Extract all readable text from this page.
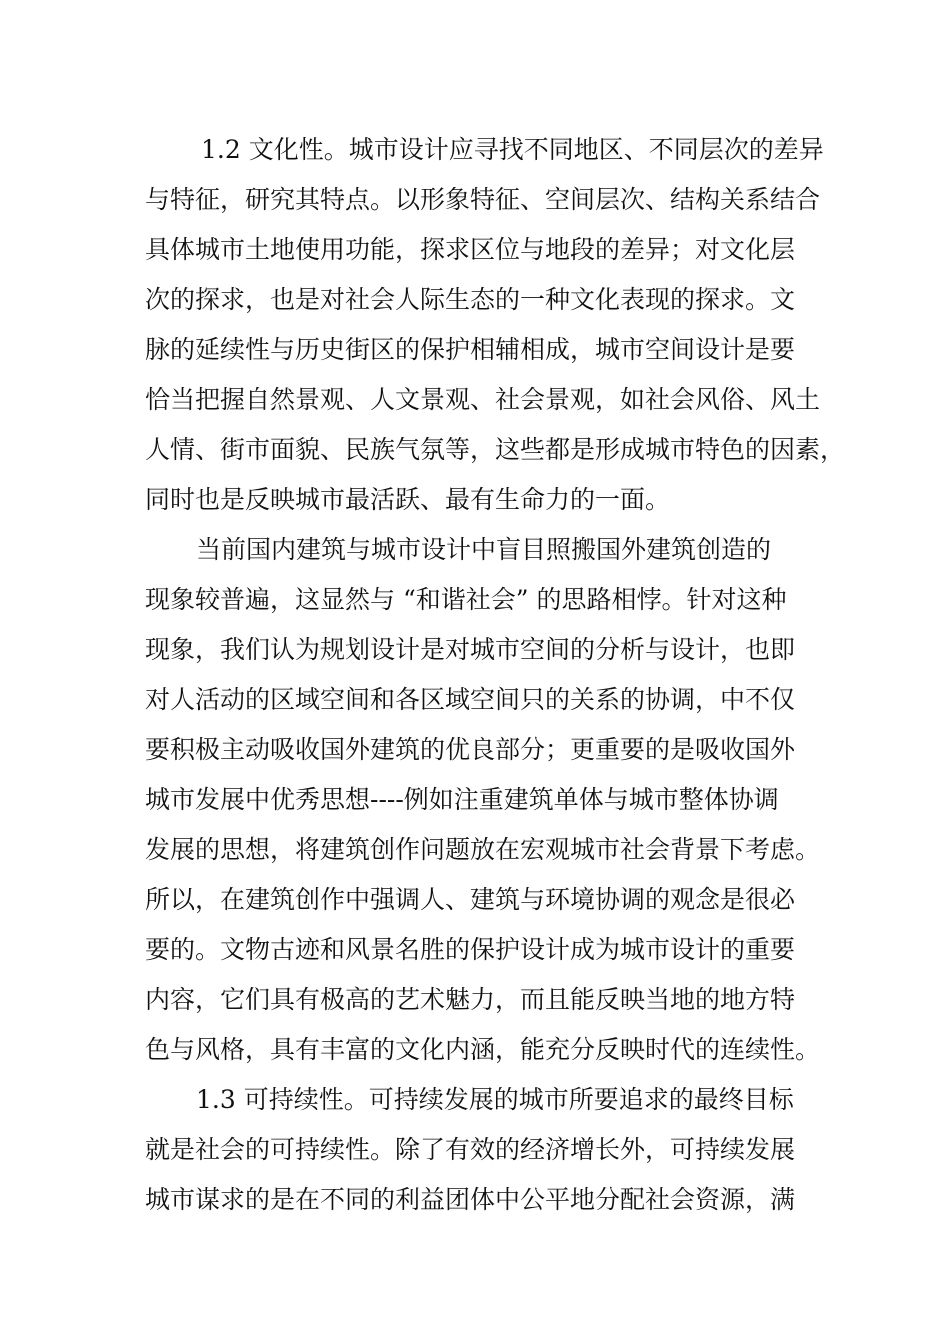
1.2 文化性。城市设计应寻找不同地区、不同层次的差异
与特征，研究其特点。以形象特征、空间层次、结构关系结合
具体城市土地使用功能，探求区位与地段的差异；对文化层
次的探求，也是对社会人际生态的一种文化表现的探求。文
脉的延续性与历史街区的保护相辅相成，城市空间设计是要
恰当把握自然景观、人文景观、社会景观，如社会风俗、风土
人情、街市面貌、民族气氛等，这些都是形成城市特色的因素，
同时也是反映城市最活跃、最有生命力的一面。
当前国内建筑与城市设计中盲目照搬国外建筑创造的
现象较普遍，这显然与 “和谐社会” 的思路相悖。针对这种
现象，我们认为规划设计是对城市空间的分析与设计，也即
对人活动的区域空间和各区域空间只的关系的协调，中不仅
要积极主动吸收国外建筑的优良部分；更重要的是吸收国外
城市发展中优秀思想----例如注重建筑单体与城市整体协调
发展的思想，将建筑创作问题放在宏观城市社会背景下考虑。
所以，在建筑创作中强调人、建筑与环境协调的观念是很必
要的。文物古迹和风景名胜的保护设计成为城市设计的重要
内容，它们具有极高的艺术魅力，而且能反映当地的地方特
色与风格，具有丰富的文化内涵，能充分反映时代的连续性。
1.3 可持续性。可持续发展的城市所要追求的最终目标
就是社会的可持续性。除了有效的经济增长外，可持续发展
城市谋求的是在不同的利益团体中公平地分配社会资源，满
